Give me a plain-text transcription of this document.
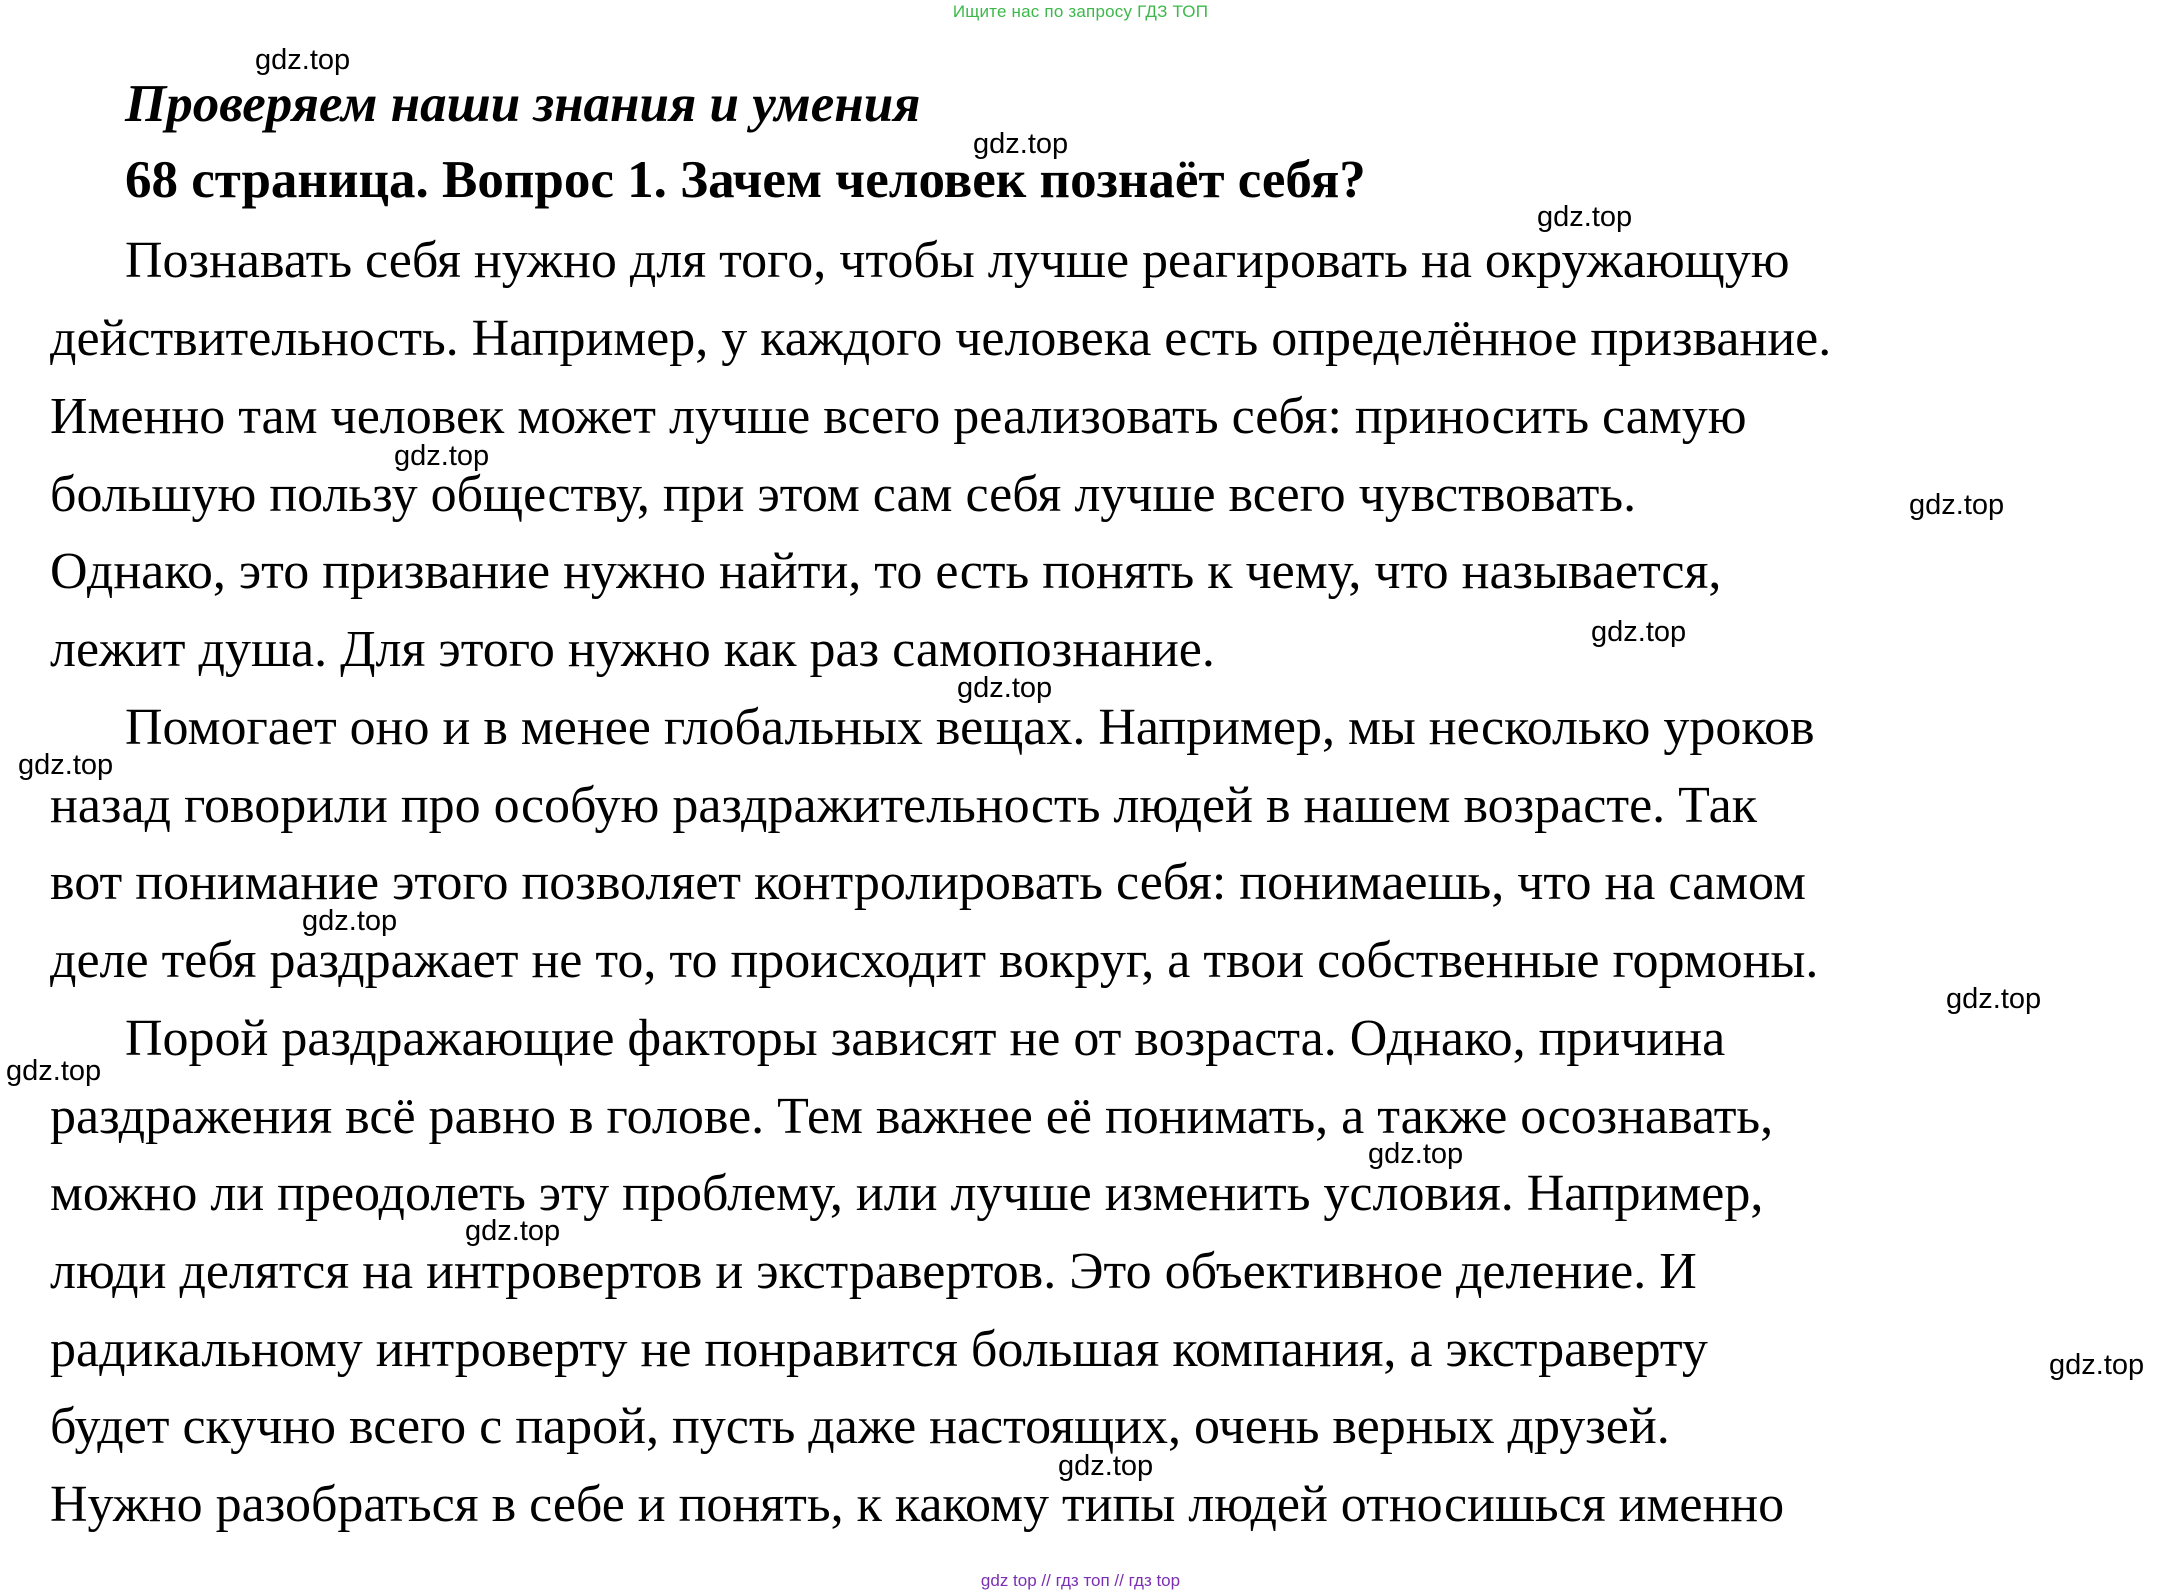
Ищите нас по запросу ГДЗ ТОП
Проверяем наши знания и умения
68 страница. Вопрос 1. Зачем человек познаёт себя?
Познавать себя нужно для того, чтобы лучше реагировать на окружающую
действительность. Например, у каждого человека есть определённое призвание.
Именно там человек может лучше всего реализовать себя: приносить самую
большую пользу обществу, при этом сам себя лучше всего чувствовать.
Однако, это призвание нужно найти, то есть понять к чему, что называется,
лежит душа. Для этого нужно как раз самопознание.
Помогает оно и в менее глобальных вещах. Например, мы несколько уроков
назад говорили про особую раздражительность людей в нашем возрасте. Так
вот понимание этого позволяет контролировать себя: понимаешь, что на самом
деле тебя раздражает не то, то происходит вокруг, а твои собственные гормоны.
Порой раздражающие факторы зависят не от возраста. Однако, причина
раздражения всё равно в голове. Тем важнее её понимать, а также осознавать,
можно ли преодолеть эту проблему, или лучше изменить условия. Например,
люди делятся на интровертов и экстравертов. Это объективное деление. И
радикальному интроверту не понравится большая компания, а экстраверту
будет скучно всего с парой, пусть даже настоящих, очень верных друзей.
Нужно разобраться в себе и понять, к какому типы людей относишься именно
gdz.top
gdz.top
gdz.top
gdz.top
gdz.top
gdz.top
gdz.top
gdz.top
gdz.top
gdz.top
gdz.top
gdz.top
gdz.top
gdz.top
gdz.top
gdz top // гдз топ // гдз top
